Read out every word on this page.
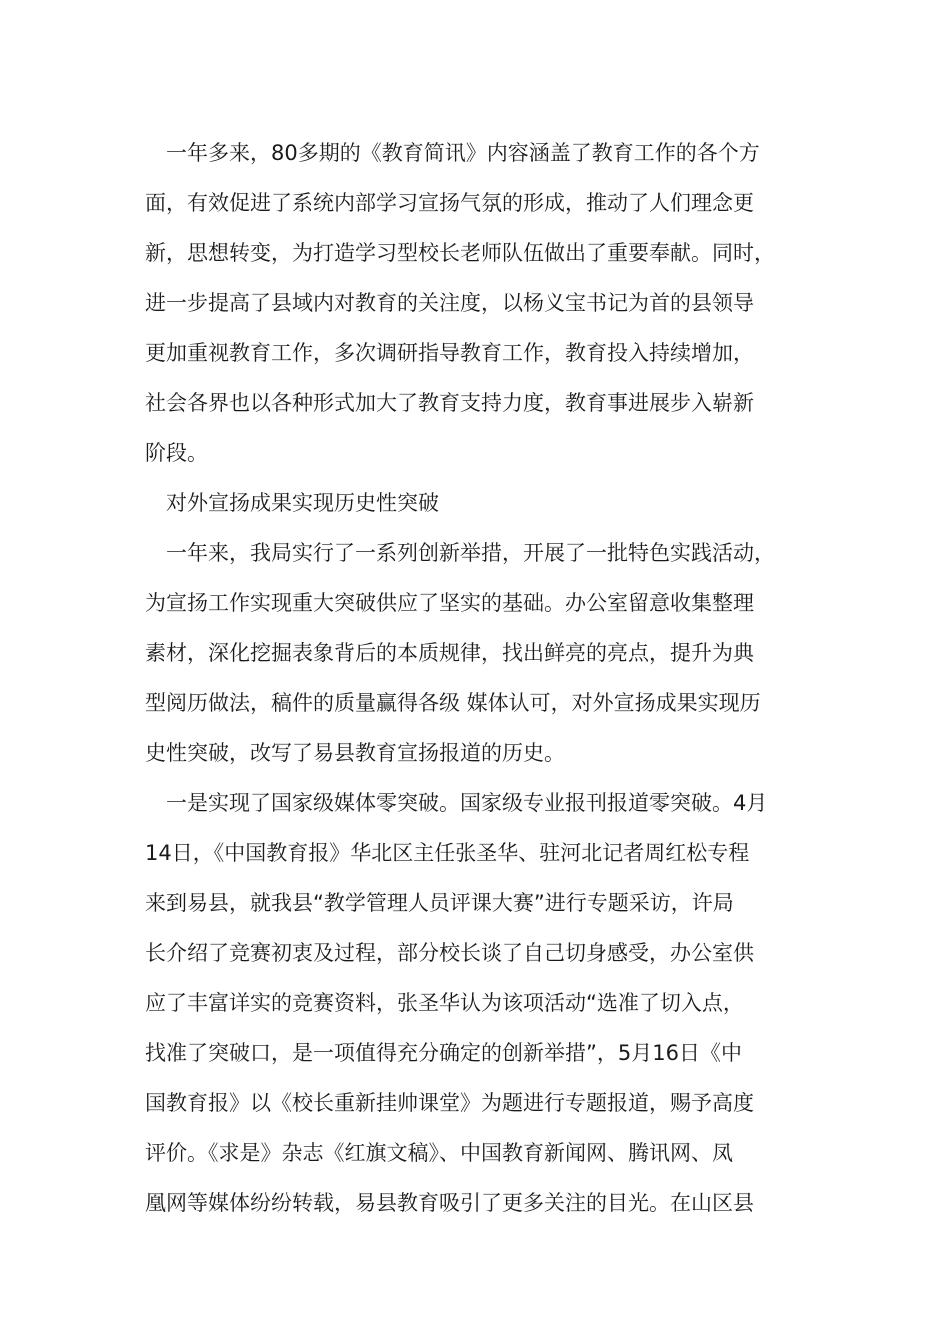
一年多来，80多期的《教育简讯》内容涵盖了教育工作的各个方
面，有效促进了系统内部学习宣扬气氛的形成，推动了人们理念更
新，思想转变，为打造学习型校长老师队伍做出了重要奉献。同时，
进一步提高了县域内对教育的关注度，以杨义宝书记为首的县领导
更加重视教育工作，多次调研指导教育工作，教育投入持续增加，
社会各界也以各种形式加大了教育支持力度，教育事进展步入崭新
阶段。
对外宣扬成果实现历史性突破
一年来，我局实行了一系列创新举措，开展了一批特色实践活动，
为宣扬工作实现重大突破供应了坚实的基础。办公室留意收集整理
素材，深化挖掘表象背后的本质规律，找出鲜亮的亮点，提升为典
型阅历做法，稿件的质量赢得各级 媒体认可，对外宣扬成果实现历
史性突破，改写了易县教育宣扬报道的历史。
一是实现了国家级媒体零突破。国家级专业报刊报道零突破。4月
14日，《中国教育报》华北区主任张圣华、驻河北记者周红松专程
来到易县，就我县“教学管理人员评课大赛”进行专题采访，许局
长介绍了竞赛初衷及过程，部分校长谈了自己切身感受，办公室供
应了丰富详实的竞赛资料，张圣华认为该项活动“选准了切入点，
找准了突破口，是一项值得充分确定的创新举措”，5月16日《中
国教育报》以《校长重新挂帅课堂》为题进行专题报道，赐予高度
评价。《求是》杂志《红旗文稿》、中国教育新闻网、腾讯网、凤
凰网等媒体纷纷转载，易县教育吸引了更多关注的目光。在山区县
